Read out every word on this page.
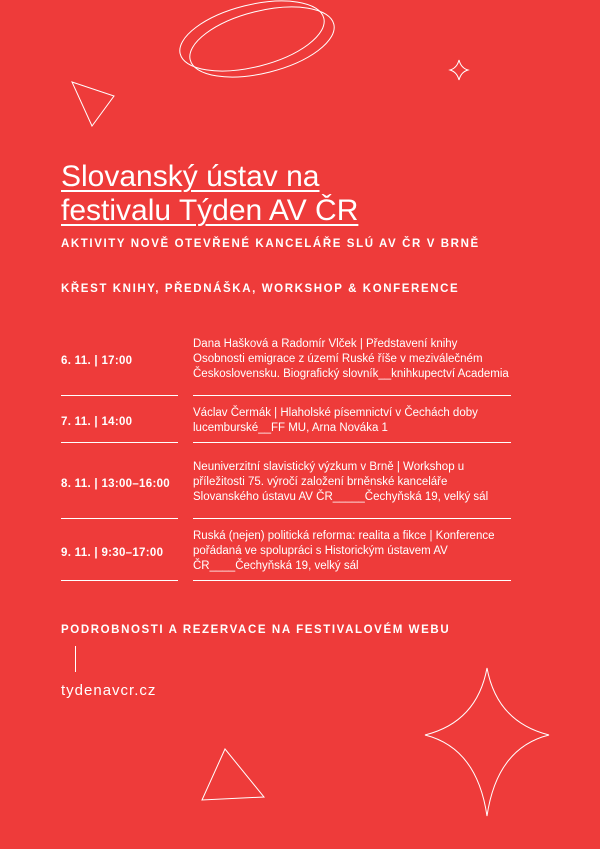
Slovanský ústav na
festivalu Týden AV ČR
AKTIVITY NOVĚ OTEVŘENÉ KANCELÁŘE SLÚ AV ČR V BRNĚ
KŘEST KNIHY, PŘEDNÁŠKA, WORKSHOP & KONFERENCE
6. 11. | 17:00
Dana Hašková a Radomír Vlček | Představení knihy Osobnosti emigrace z území Ruské říše v meziválečném Československu. Biografický slovník__knihkupectví Academia
7. 11. | 14:00
Václav Čermák | Hlaholské písemnictví v Čechách doby lucemburské__FF MU, Arna Nováka 1
8. 11. | 13:00–16:00
Neuniverzitní slavistický výzkum v Brně | Workshop u příležitosti 75. výročí založení brněnské kanceláře Slovanského ústavu AV ČR_____Čechyňská 19, velký sál
9. 11. | 9:30–17:00
Ruská (nejen) politická reforma: realita a fikce | Konference pořádaná ve spolupráci s Historickým ústavem AV ČR____Čechyňská 19, velký sál
PODROBNOSTI A REZERVACE NA FESTIVALOVÉM WEBU
tydenavcr.cz
